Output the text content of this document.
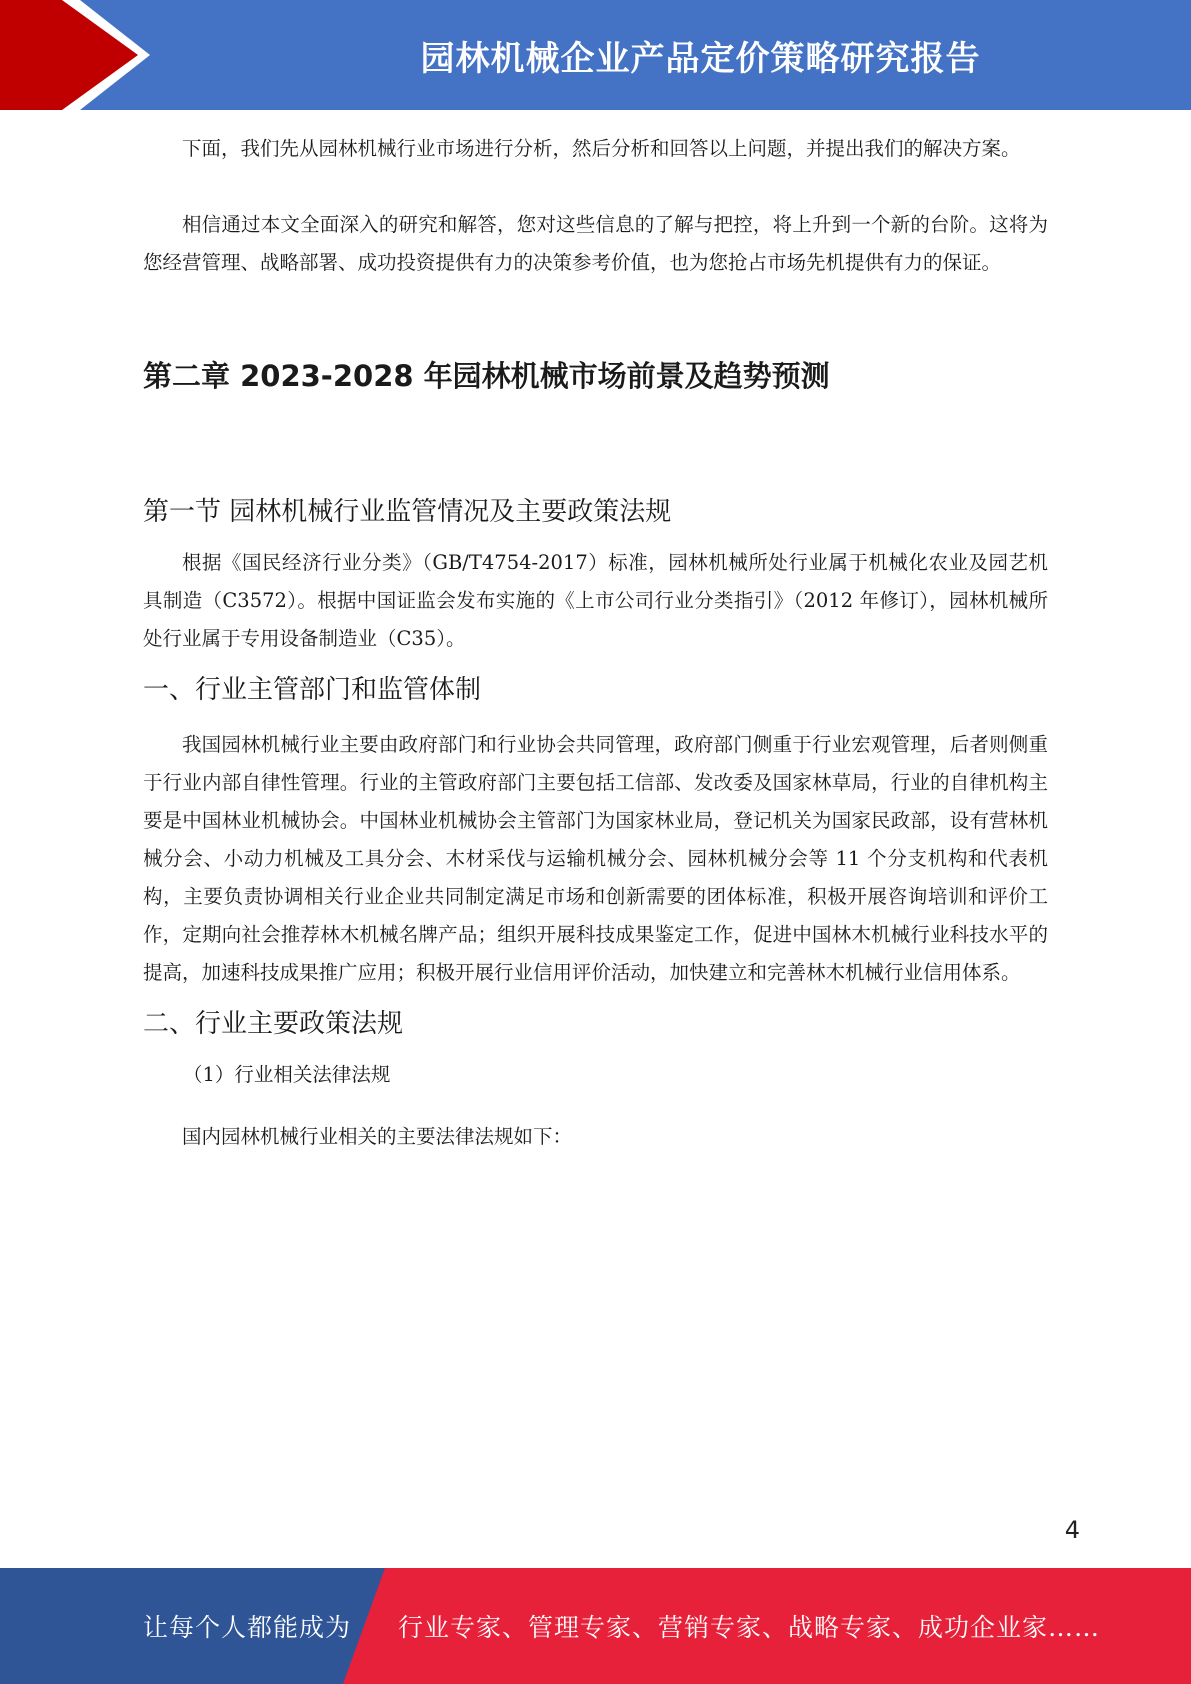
园林机械企业产品定价策略研究报告

下面，我们先从园林机械行业市场进行分析，然后分析和回答以上问题，并提出我们的解决方案。

相信通过本文全面深入的研究和解答，您对这些信息的了解与把控，将上升到一个新的台阶。这将为您经营管理、战略部署、成功投资提供有力的决策参考价值，也为您抢占市场先机提供有力的保证。

第二章 2023-2028 年园林机械市场前景及趋势预测
第一节 园林机械行业监管情况及主要政策法规

根据《国民经济行业分类》（GB/T4754-2017）标准，园林机械所处行业属于机械化农业及园艺机具制造（C3572）。根据中国证监会发布实施的《上市公司行业分类指引》（2012 年修订），园林机械所处行业属于专用设备制造业（C35）。

一、行业主管部门和监管体制

我国园林机械行业主要由政府部门和行业协会共同管理，政府部门侧重于行业宏观管理，后者则侧重于行业内部自律性管理。行业的主管政府部门主要包括工信部、发改委及国家林草局，行业的自律机构主要是中国林业机械协会。中国林业机械协会主管部门为国家林业局，登记机关为国家民政部，设有营林机械分会、小动力机械及工具分会、木材采伐与运输机械分会、园林机械分会等 11 个分支机构和代表机构，主要负责协调相关行业企业共同制定满足市场和创新需要的团体标准，积极开展咨询培训和评价工作，定期向社会推荐林木机械名牌产品；组织开展科技成果鉴定工作，促进中国林木机械行业科技水平的提高，加速科技成果推广应用；积极开展行业信用评价活动，加快建立和完善林木机械行业信用体系。

二、行业主要政策法规

（1）行业相关法律法规

国内园林机械行业相关的主要法律法规如下：

4
让每个人都能成为 行业专家、管理专家、营销专家、战略专家、成功企业家……
